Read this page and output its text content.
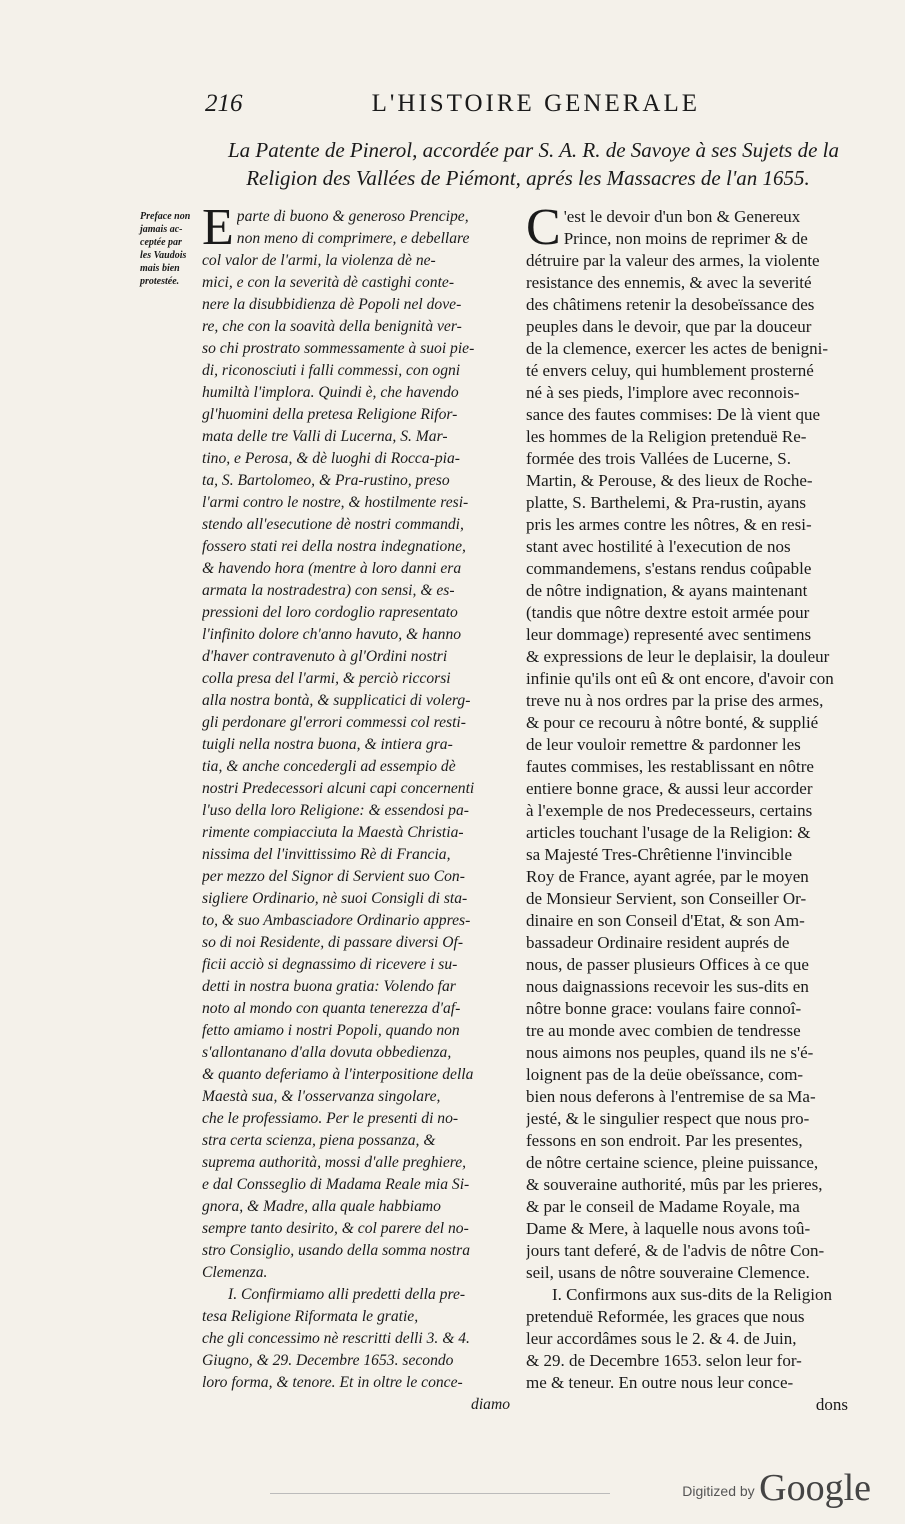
216	L'HISTOIRE GENERALE
La Patente de Pinerol, accordée par S. A. R. de Savoye à ses Sujets de la
Religion des Vallées de Piémont, aprés les Massacres de l'an 1655.
Preface non
jamais ac-
ceptée par
les Vaudois
mais bien
protestée.
E parte di buono & generoso Prencipe,
non meno di comprimere, e debellare
col valor de l'armi, la violenza dè ne-
mici, e con la severità dè castighi conte-
nere la disubbidienza dè Popoli nel dove-
re, che con la soavità della benignità ver-
so chi prostrato sommessamente à suoi pie-
di, riconosciuti i falli commessi, con ogni
humiltà l'implora. Quindi è, che havendo
gl'huomini della pretesa Religione Rifor-
mata delle tre Valli di Lucerna, S. Mar-
tino, e Perosa, & dè luoghi di Rocca-pia-
ta, S. Bartolomeo, & Pra-rustino, preso
l'armi contro le nostre, & hostilmente resi-
stendo all'esecutione dè nostri commandi,
fossero stati rei della nostra indegnatione,
& havendo hora (mentre à loro danni era
armata la nostradestra) con sensi, & es-
pressioni del loro cordoglio rapresentato
l'infinito dolore ch'anno havuto, & hanno
d'haver contravenuto à gl'Ordini nostri
colla presa del l'armi, & perciò riccorsi
alla nostra bontà, & supplicatici di volerg-
gli perdonare gl'errori commessi col resti-
tuigli nella nostra buona, & intiera gra-
tia, & anche concedergli ad essempio dè
nostri Predecessori alcuni capi concernenti
l'uso della loro Religione: & essendosi pa-
rimente compiacciuta la Maestà Christia-
nissima del l'invittissimo Rè di Francia,
per mezzo del Signor di Servient suo Con-
sigliere Ordinario, nè suoi Consigli di sta-
to, & suo Ambasciadore Ordinario appres-
so di noi Residente, di passare diversi Of-
ficii acciò si degnassimo di ricevere i su-
detti in nostra buona gratia: Volendo far
noto al mondo con quanta tenerezza d'af-
fetto amiamo i nostri Popoli, quando non
s'allontanano d'alla dovuta obbedienza,
& quanto deferiamo à l'interpositione della
Maestà sua, & l'osservanza singolare,
che le professiamo. Per le presenti di no-
stra certa scienza, piena possanza, &
suprema authorità, mossi d'alle preghiere,
e dal Consseglio di Madama Reale mia Si-
gnora, & Madre, alla quale habbiamo
sempre tanto desirito, & col parere del no-
stro Consiglio, usando della somma nostra
Clemenza.
I. Confirmiamo alli predetti della pre-
tesa Religione Riformata le gratie,
che gli concessimo nè rescritti delli 3. & 4.
Giugno, & 29. Decembre 1653. secondo
loro forma, & tenore. Et in oltre le conce-
diamo
C 'est le devoir d'un bon & Genereux
Prince, non moins de reprimer & de
détruire par la valeur des armes, la violente
resistance des ennemis, & avec la severité
des châtimens retenir la desobeïssance des
peuples dans le devoir, que par la douceur
de la clemence, exercer les actes de benigni-
té envers celuy, qui humblement prosterné
né à ses pieds, l'implore avec reconnois-
sance des fautes commises: De là vient que
les hommes de la Religion pretenduë Re-
formée des trois Vallées de Lucerne, S.
Martin, & Perouse, & des lieux de Roche-
platte, S. Barthelemi, & Pra-rustin, ayans
pris les armes contre les nôtres, & en resi-
stant avec hostilité à l'execution de nos
commandemens, s'estans rendus coûpable
de nôtre indignation, & ayans maintenant
(tandis que nôtre dextre estoit armée pour
leur dommage) representé avec sentimens
& expressions de leur le deplaisir, la douleur
infinie qu'ils ont eû & ont encore, d'avoir con
treve nu à nos ordres par la prise des armes,
& pour ce recouru à nôtre bonté, & supplié
de leur vouloir remettre & pardonner les
fautes commises, les restablissant en nôtre
entiere bonne grace, & aussi leur accorder
à l'exemple de nos Predecesseurs, certains
articles touchant l'usage de la Religion: &
sa Majesté Tres-Chrêtienne l'invincible
Roy de France, ayant agrée, par le moyen
de Monsieur Servient, son Conseiller Or-
dinaire en son Conseil d'Etat, & son Am-
bassadeur Ordinaire resident auprés de
nous, de passer plusieurs Offices à ce que
nous daignassions recevoir les sus-dits en
nôtre bonne grace: voulans faire connoî-
tre au monde avec combien de tendresse
nous aimons nos peuples, quand ils ne s'é-
loignent pas de la deüe obeïssance, com-
bien nous deferons à l'entremise de sa Ma-
jesté, & le singulier respect que nous pro-
fessons en son endroit. Par les presentes,
de nôtre certaine science, pleine puissance,
& souveraine authorité, mûs par les prieres,
& par le conseil de Madame Royale, ma
Dame & Mere, à laquelle nous avons toû-
jours tant deferé, & de l'advis de nôtre Con-
seil, usans de nôtre souveraine Clemence.
I. Confirmons aux sus-dits de la Religion
pretenduë Reformée, les graces que nous
leur accordâmes sous le 2. & 4. de Juin,
& 29. de Decembre 1653. selon leur for-
me & teneur. En outre nous leur conce-
dons
Digitized by Google
